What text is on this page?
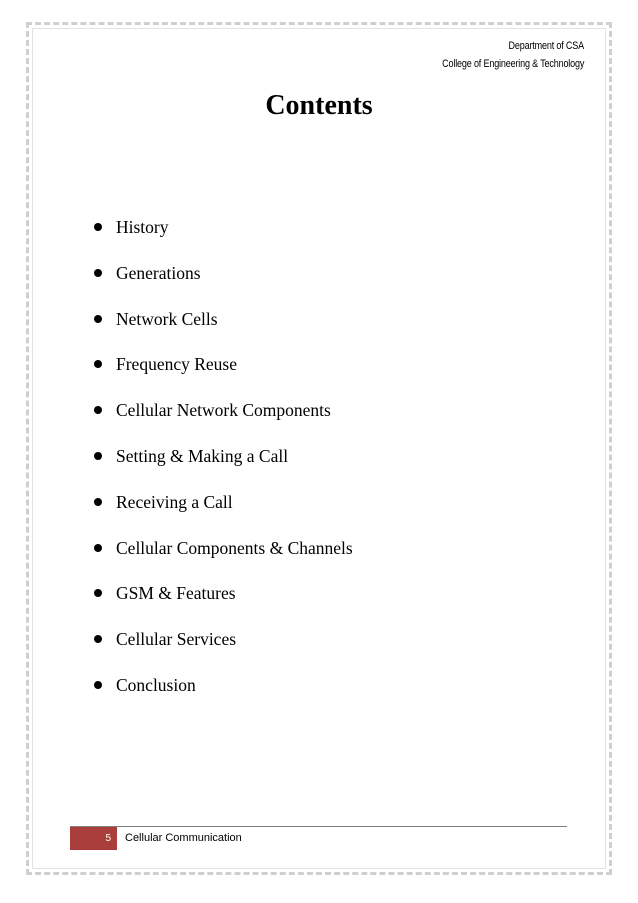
Department of CSA
College of Engineering & Technology
Contents
History
Generations
Network Cells
Frequency Reuse
Cellular Network Components
Setting & Making a Call
Receiving a Call
Cellular Components & Channels
GSM & Features
Cellular Services
Conclusion
5	Cellular Communication
